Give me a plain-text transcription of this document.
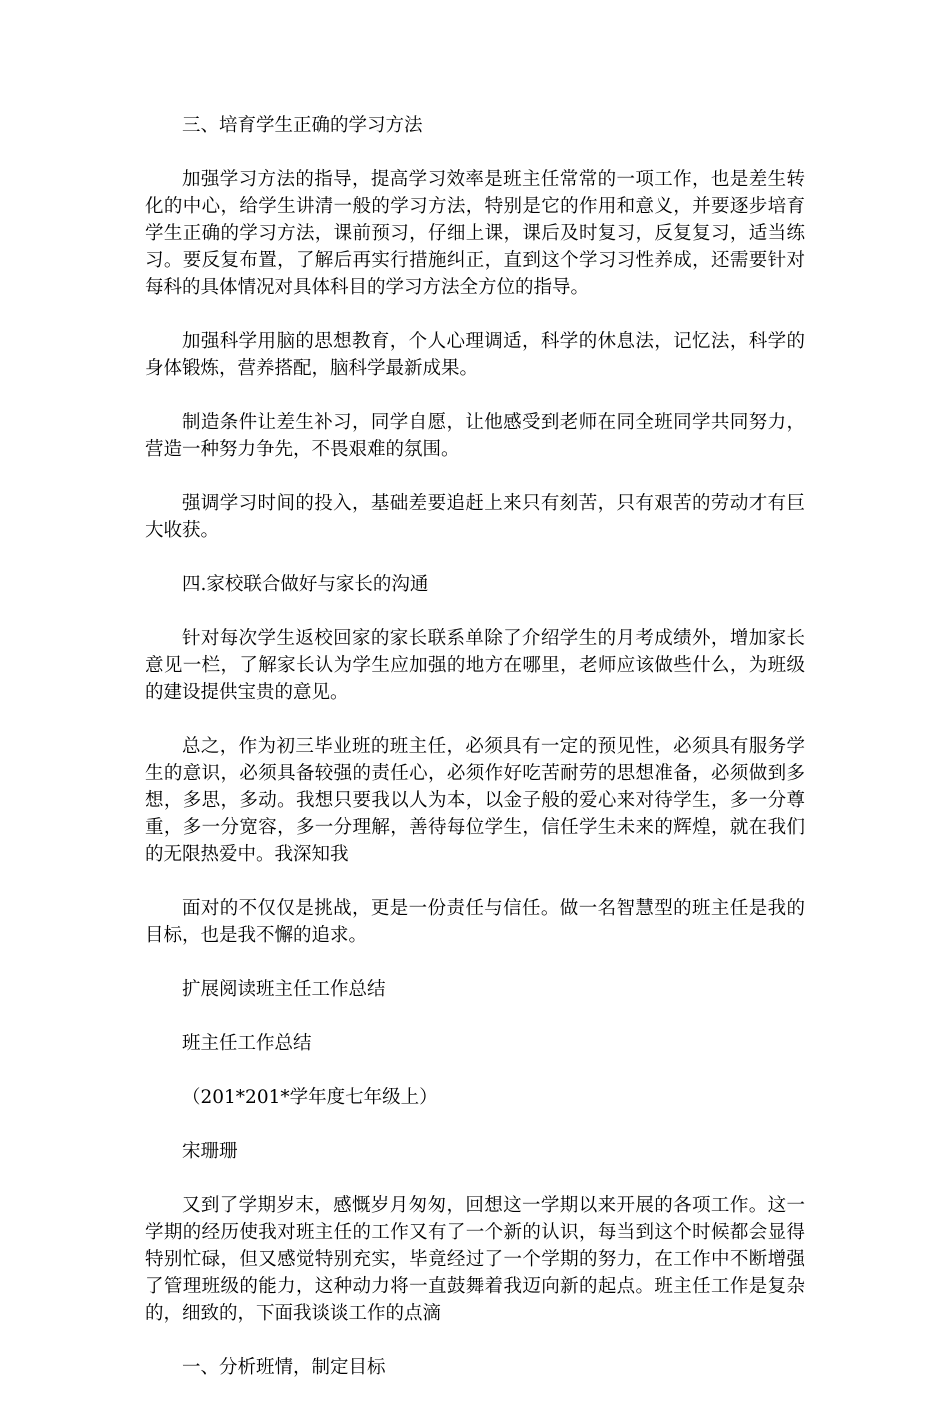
三、培育学生正确的学习方法

加强学习方法的指导，提高学习效率是班主任常常的一项工作，也是差生转化的中心，给学生讲清一般的学习方法，特别是它的作用和意义，并要逐步培育学生正确的学习方法，课前预习，仔细上课，课后及时复习，反复复习，适当练习。要反复布置，了解后再实行措施纠正，直到这个学习习性养成，还需要针对每科的具体情况对具体科目的学习方法全方位的指导。

加强科学用脑的思想教育，个人心理调适，科学的休息法，记忆法，科学的身体锻炼，营养搭配，脑科学最新成果。

制造条件让差生补习，同学自愿，让他感受到老师在同全班同学共同努力，营造一种努力争先，不畏艰难的氛围。

强调学习时间的投入，基础差要追赶上来只有刻苦，只有艰苦的劳动才有巨大收获。

四.家校联合做好与家长的沟通

针对每次学生返校回家的家长联系单除了介绍学生的月考成绩外，增加家长意见一栏，了解家长认为学生应加强的地方在哪里，老师应该做些什么，为班级的建设提供宝贵的意见。

总之，作为初三毕业班的班主任，必须具有一定的预见性，必须具有服务学生的意识，必须具备较强的责任心，必须作好吃苦耐劳的思想准备，必须做到多想，多思，多动。我想只要我以人为本，以金子般的爱心来对待学生，多一分尊重，多一分宽容，多一分理解，善待每位学生，信任学生未来的辉煌，就在我们的无限热爱中。我深知我

面对的不仅仅是挑战，更是一份责任与信任。做一名智慧型的班主任是我的目标，也是我不懈的追求。

扩展阅读班主任工作总结

班主任工作总结

（201*201*学年度七年级上）

宋珊珊

又到了学期岁末，感慨岁月匆匆，回想这一学期以来开展的各项工作。这一学期的经历使我对班主任的工作又有了一个新的认识，每当到这个时候都会显得特别忙碌，但又感觉特别充实，毕竟经过了一个学期的努力，在工作中不断增强了管理班级的能力，这种动力将一直鼓舞着我迈向新的起点。班主任工作是复杂的，细致的，下面我谈谈工作的点滴

一、分析班情，制定目标
